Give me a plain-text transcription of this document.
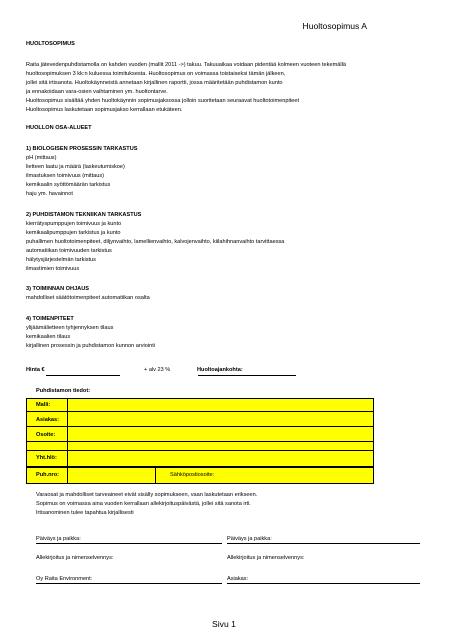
Huoltosopimus A
HUOLTOSOPIMUS
Raita jätevedenpuhdistamolla on kahden vuoden (mallit 2011 ->) takuu. Takuuaikaa voidaan pidentää kolmeen vuoteen tekemällä
huoltosopimuksen 3 kk:n kuluessa toimituksesta. Huoltosopimus on voimassa toistaiseksi tämän jälkeen,
jollei sitä irtisanota. Huoltokäynneistä annetaan kirjallinen raportti, jossa määritetään puhdistamon kunto
ja ennakoidaan vara-osien vaihtaminen ym. huoltontarve.
Huoltosopimus sisältää yhden huoltokäynnin sopimusjaksossa jolloin suoritetaan seuraavat huoltotoimenpiteet
Huoltosopimus laskutetaan sopimusjakso kerrallaan etukäteen.
HUOLLON OSA-ALUEET
1) BIOLOGISEN PROSESSIN TARKASTUS
pH (mittaus)
lietteen laatu ja määrä (laskeutumiskoe)
ilmastuksen toimivuus (mittaus)
kemikaalin syöttömäärän tarkistus
haju ym. havainnot
2) PUHDISTAMON TEKNIIKAN TARKASTUS
kierrätyspumppujen toimivuus ja kunto
kemikaalipumppujen tarkistus ja kunto
puhallimen huoltotoimenpiteet, diljynvaihto, lamellienvaihto, kalvojenvaihto, kiilahihnanvaihto tarvittaessa
automatiikan toimivuuden tarkistus
hälytysjärjestelmän tarkistus
ilmastimien toimivuus
3) TOIMINNAN OHJAUS
mahdolliset säätötoimenpiteet automatiikan osalta
4) TOIMENPITEET
ylijäämälietteen tyhjennyksen tilaus
kemikaalien tilaus
kirjallinen prosessin ja puhdistamon kunnon arviointi
Hinta €	+ alv 23 %	Huoltoajankohta:
Puhdistamon tiedot:
Malli:
Asiakas:
Osoite:
Yht.hlö:
Puh.nro:	Sähköpostiosoite:
Varaosat ja mahdolliset tarveaineet eivät sisälly sopimukseen, vaan laskutetaan erikseen.
Sopimus on voimassa aina vuoden kerrallaan allekirjoituspäivästä, jollei sitä sanota irti.
Irtisanominen tulee tapahtua kirjallisesti
Päiväys ja paikka:	Päiväys ja paikka:
Allekirjoitus ja nimenselvennys:	Allekirjoitus ja nimenselvennys:
Oy Raita Environment:	Asiakas:
Sivu 1
